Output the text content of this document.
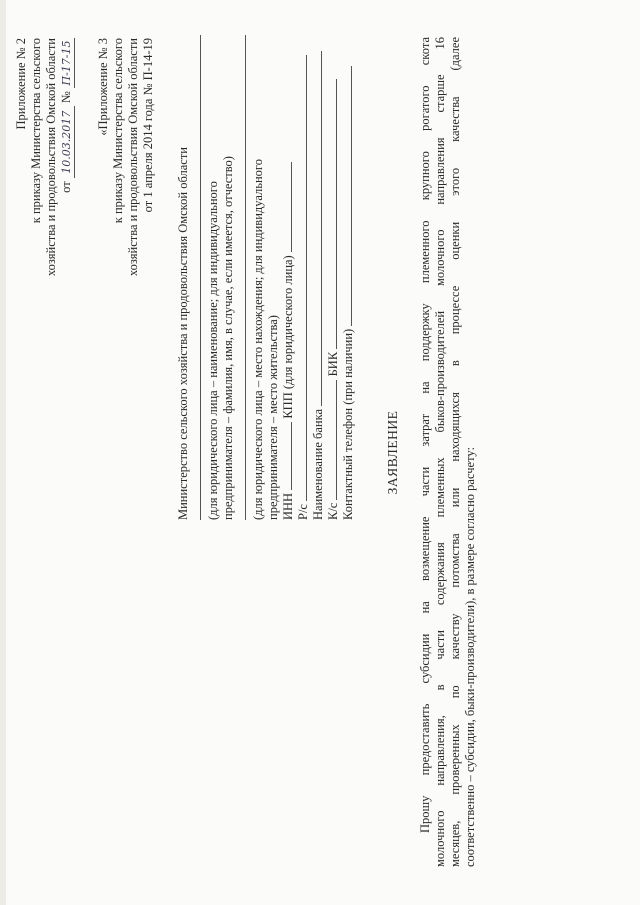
Приложение № 2 к приказу Министерства сельского хозяйства и продовольствия Омской области от 10.03.2017 № П-17-15 «Приложение № 3 к приказу Министерства сельского хозяйства и продовольствия Омской области от 1 апреля 2014 года № П-14-19
Министерство сельского хозяйства и продовольствия Омской области (для юридического лица – наименование; для индивидуального предпринимателя – фамилия, имя, в случае, если имеется, отчество) (для юридического лица – место нахождения; для индивидуального предпринимателя – место жительства) ИНН  КПП (для юридического лица)
Р/с Наименование банка К/с  БИК Контактный телефон (при наличии) ЗАЯВЛЕНИЕ Прошу предоставить субсидии на возмещение части затрат на поддержку племенного крупного рогатого скота молочного направления, в части содержания племенных быков-производителей молочного направления старше 16 месяцев, проверенных по качеству потомства или находящихся в процессе оценки этого качества (далее соответственно – субсидии, быки-производители), в размере согласно расчету:
